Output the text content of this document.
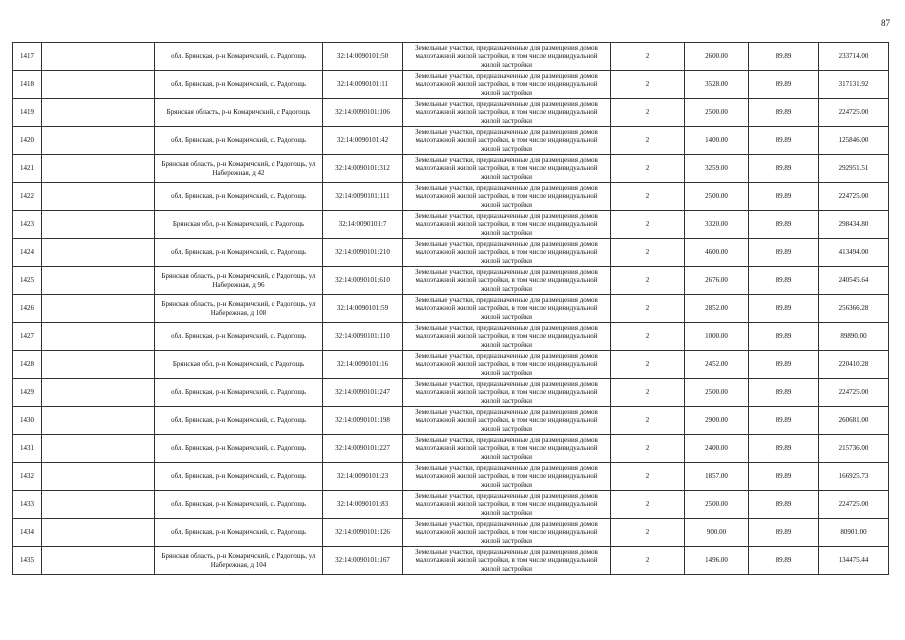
87
1417		обл. Брянская, р-н Комаричский, с. Радогощь	32:14:0090101:50	Земельные участки, предназначенные для размещения домов малоэтажной жилой застройки, в том числе индивидуальной жилой застройки	2	2600.00	89.89	233714.00
1418		обл. Брянская, р-н Комаричский, с. Радогощь	32:14:0090101:11	Земельные участки, предназначенные для размещения домов малоэтажной жилой застройки, в том числе индивидуальной жилой застройки	2	3528.00	89.89	317131.92
1419		Брянская область, р-н Комаричский, с Радогощь	32:14:0090101:106	Земельные участки, предназначенные для размещения домов малоэтажной жилой застройки, в том числе индивидуальной жилой застройки	2	2500.00	89.89	224725.00
1420		обл. Брянская, р-н Комаричский, с. Радогощь	32:14:0090101:42	Земельные участки, предназначенные для размещения домов малоэтажной жилой застройки, в том числе индивидуальной жилой застройки	2	1400.00	89.89	125846.00
1421		Брянская область, р-н Комаричский, с Радогощь, ул Набережная, д 42	32:14:0090101:312	Земельные участки, предназначенные для размещения домов малоэтажной жилой застройки, в том числе индивидуальной жилой застройки	2	3259.00	89.89	292951.51
1422		обл. Брянская, р-н Комаричский, с. Радогощь	32:14:0090101:111	Земельные участки, предназначенные для размещения домов малоэтажной жилой застройки, в том числе индивидуальной жилой застройки	2	2500.00	89.89	224725.00
1423		Брянская обл, р-н Комаричский, с Радогощь	32:14:0090101:7	Земельные участки, предназначенные для размещения домов малоэтажной жилой застройки, в том числе индивидуальной жилой застройки	2	3320.00	89.89	298434.80
1424		обл. Брянская, р-н Комаричский, с. Радогощь	32:14:0090101:210	Земельные участки, предназначенные для размещения домов малоэтажной жилой застройки, в том числе индивидуальной жилой застройки	2	4600.00	89.89	413494.00
1425		Брянская область, р-н Комаричский, с Радогощь, ул Набережная, д 96	32:14:0090101:610	Земельные участки, предназначенные для размещения домов малоэтажной жилой застройки, в том числе индивидуальной жилой застройки	2	2676.00	89.89	240545.64
1426		Брянская область, р-н Комаричский, с Радогощь, ул Набережная, д 108	32:14:0090101:59	Земельные участки, предназначенные для размещения домов малоэтажной жилой застройки, в том числе индивидуальной жилой застройки	2	2852.00	89.89	256366.28
1427		обл. Брянская, р-н Комаричский, с. Радогощь	32:14:0090101:110	Земельные участки, предназначенные для размещения домов малоэтажной жилой застройки, в том числе индивидуальной жилой застройки	2	1000.00	89.89	89890.00
1428		Брянская обл, р-н Комаричский, с Радогощь	32:14:0090101:16	Земельные участки, предназначенные для размещения домов малоэтажной жилой застройки, в том числе индивидуальной жилой застройки	2	2452.00	89.89	220410.28
1429		обл. Брянская, р-н Комаричский, с. Радогощь	32:14:0090101:247	Земельные участки, предназначенные для размещения домов малоэтажной жилой застройки, в том числе индивидуальной жилой застройки	2	2500.00	89.89	224725.00
1430		обл. Брянская, р-н Комаричский, с. Радогощь	32:14:0090101:198	Земельные участки, предназначенные для размещения домов малоэтажной жилой застройки, в том числе индивидуальной жилой застройки	2	2900.00	89.89	260681.00
1431		обл. Брянская, р-н Комаричский, с. Радогощь	32:14:0090101:227	Земельные участки, предназначенные для размещения домов малоэтажной жилой застройки, в том числе индивидуальной жилой застройки	2	2400.00	89.89	215736.00
1432		обл. Брянская, р-н Комаричский, с. Радогощь	32:14:0090101:23	Земельные участки, предназначенные для размещения домов малоэтажной жилой застройки, в том числе индивидуальной жилой застройки	2	1857.00	89.89	166925.73
1433		обл. Брянская, р-н Комаричский, с. Радогощь	32:14:0090101:83	Земельные участки, предназначенные для размещения домов малоэтажной жилой застройки, в том числе индивидуальной жилой застройки	2	2500.00	89.89	224725.00
1434		обл. Брянская, р-н Комаричский, с. Радогощь	32:14:0090101:126	Земельные участки, предназначенные для размещения домов малоэтажной жилой застройки, в том числе индивидуальной жилой застройки	2	900.00	89.89	80901.00
1435		Брянская область, р-н Комаричский, с Радогощь, ул Набережная, д 104	32:14:0090101:167	Земельные участки, предназначенные для размещения домов малоэтажной жилой застройки, в том числе индивидуальной жилой застройки	2	1496.00	89.89	134475.44
